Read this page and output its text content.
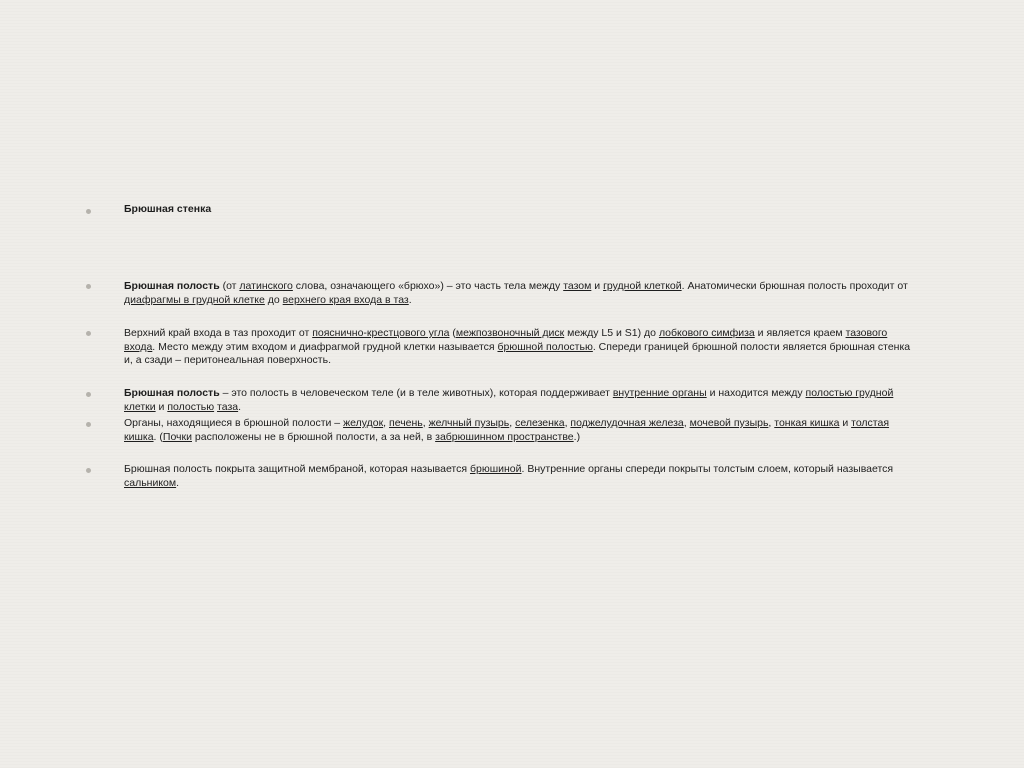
Брюшная стенка
Брюшная полость (от латинского слова, означающего «брюхо») – это часть тела между тазом и грудной клеткой. Анатомически брюшная полость проходит от диафрагмы в грудной клетке до верхнего края входа в таз.
Верхний край входа в таз проходит от пояснично-крестцового угла (межпозвоночный диск между L5 и S1) до лобкового симфиза и является краем тазового входа. Место между этим входом и диафрагмой грудной клетки называется брюшной полостью. Спереди границей брюшной полости является брюшная стенка и, а сзади – перитонеальная поверхность.
Брюшная полость – это полость в человеческом теле (и в теле животных), которая поддерживает внутренние органы и находится между полостью грудной клетки и полостью таза.
Органы, находящиеся в брюшной полости – желудок, печень, желчный пузырь, селезенка, поджелудочная железа, мочевой пузырь, тонкая кишка и толстая кишка. (Почки расположены не в брюшной полости, а за ней, в забрюшинном пространстве.)
Брюшная полость покрыта защитной мембраной, которая называется брюшиной. Внутренние органы спереди покрыты толстым слоем, который называется сальником.
